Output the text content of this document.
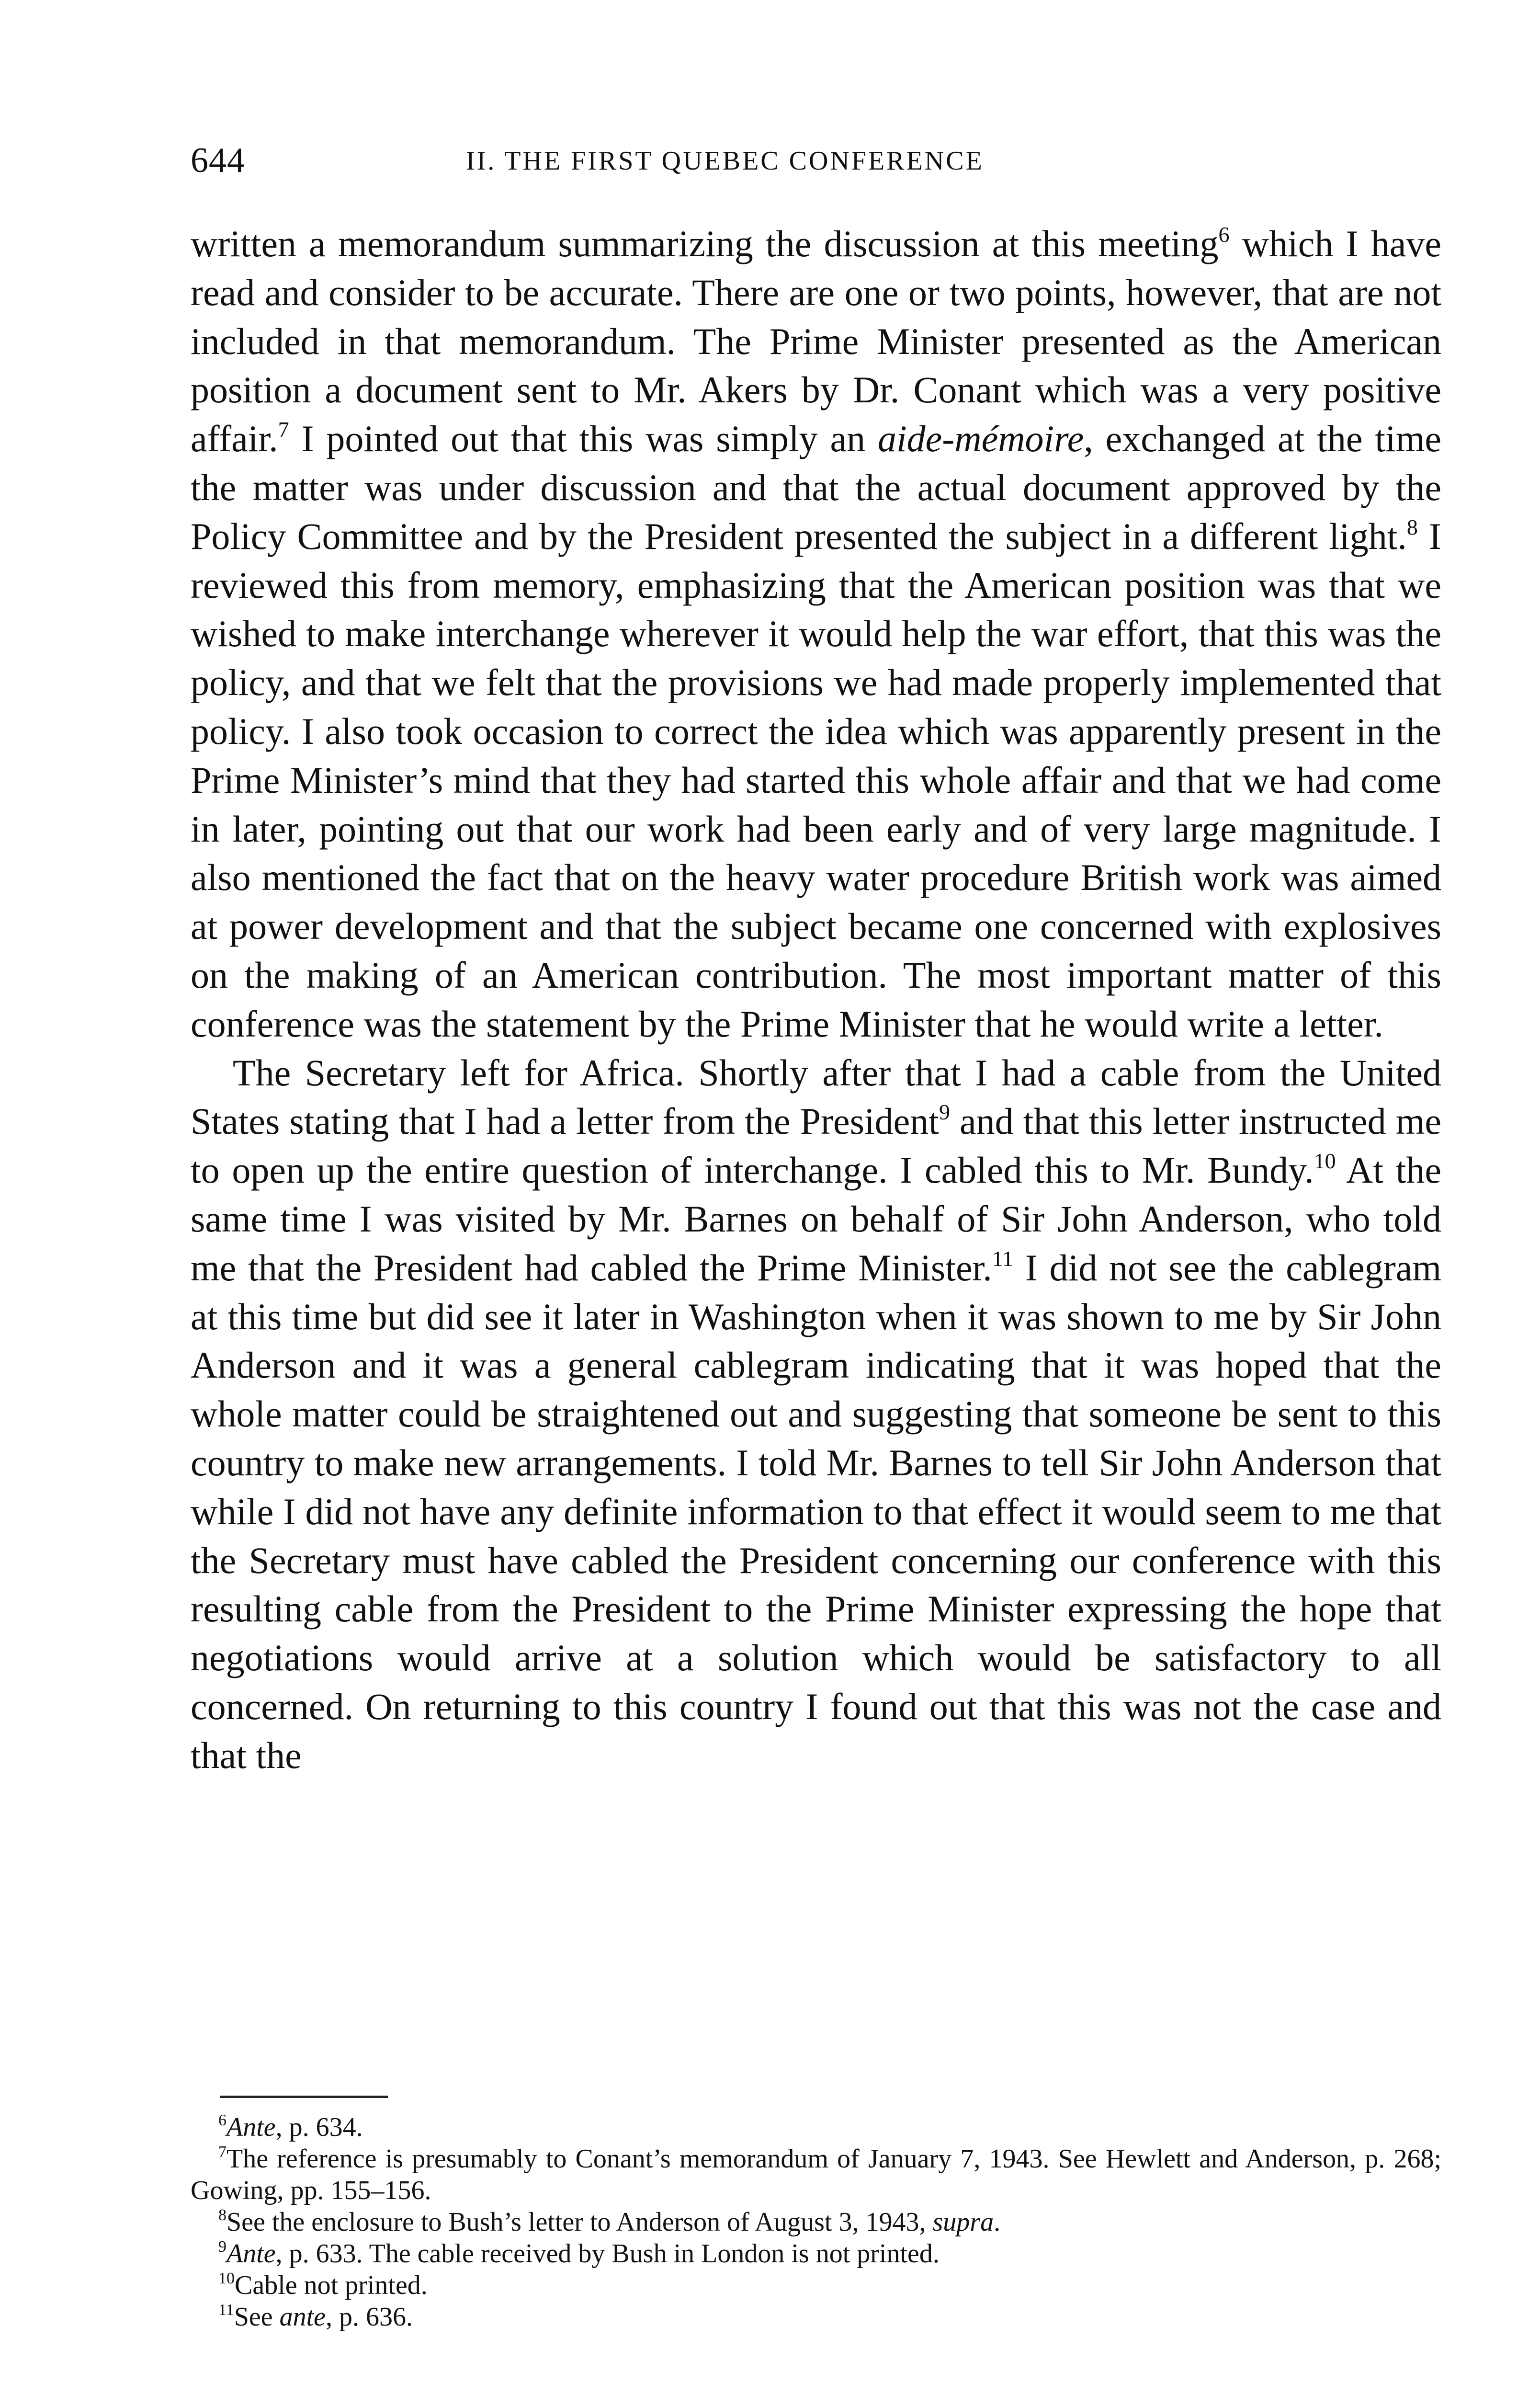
644	II. THE FIRST QUEBEC CONFERENCE

written a memorandum summarizing the discussion at this meeting$^6$ which I have read and consider to be accurate. There are one or two points, however, that are not included in that memorandum. The Prime Minister presented as the American position a document sent to Mr. Akers by Dr. Conant which was a very positive affair.$^7$ I pointed out that this was simply an aide-mémoire, exchanged at the time the matter was under discussion and that the actual document approved by the Policy Committee and by the President presented the subject in a different light.$^8$ I reviewed this from memory, emphasizing that the American position was that we wished to make interchange wherever it would help the war effort, that this was the policy, and that we felt that the provisions we had made properly implemented that policy. I also took occasion to correct the idea which was apparently present in the Prime Minister’s mind that they had started this whole affair and that we had come in later, pointing out that our work had been early and of very large magnitude. I also mentioned the fact that on the heavy water procedure British work was aimed at power development and that the subject became one concerned with explosives on the making of an American contribution. The most important matter of this conference was the statement by the Prime Minister that he would write a letter.

The Secretary left for Africa. Shortly after that I had a cable from the United States stating that I had a letter from the President$^9$ and that this letter instructed me to open up the entire question of interchange. I cabled this to Mr. Bundy.$^{10}$ At the same time I was visited by Mr. Barnes on behalf of Sir John Anderson, who told me that the President had cabled the Prime Minister.$^{11}$ I did not see the cablegram at this time but did see it later in Washington when it was shown to me by Sir John Anderson and it was a general cablegram indicating that it was hoped that the whole matter could be straightened out and suggesting that someone be sent to this country to make new arrangements. I told Mr. Barnes to tell Sir John Anderson that while I did not have any definite information to that effect it would seem to me that the Secretary must have cabled the President concerning our conference with this resulting cable from the President to the Prime Minister expressing the hope that negotiations would arrive at a solution which would be satisfactory to all concerned. On returning to this country I found out that this was not the case and that the

$^6$Ante, p. 634.

$^7$The reference is presumably to Conant’s memorandum of January 7, 1943. See Hewlett and Anderson, p. 268; Gowing, pp. 155–156.

$^8$See the enclosure to Bush’s letter to Anderson of August 3, 1943, supra.

$^9$Ante, p. 633. The cable received by Bush in London is not printed.

$^{10}$Cable not printed.

$^{11}$See ante, p. 636.
